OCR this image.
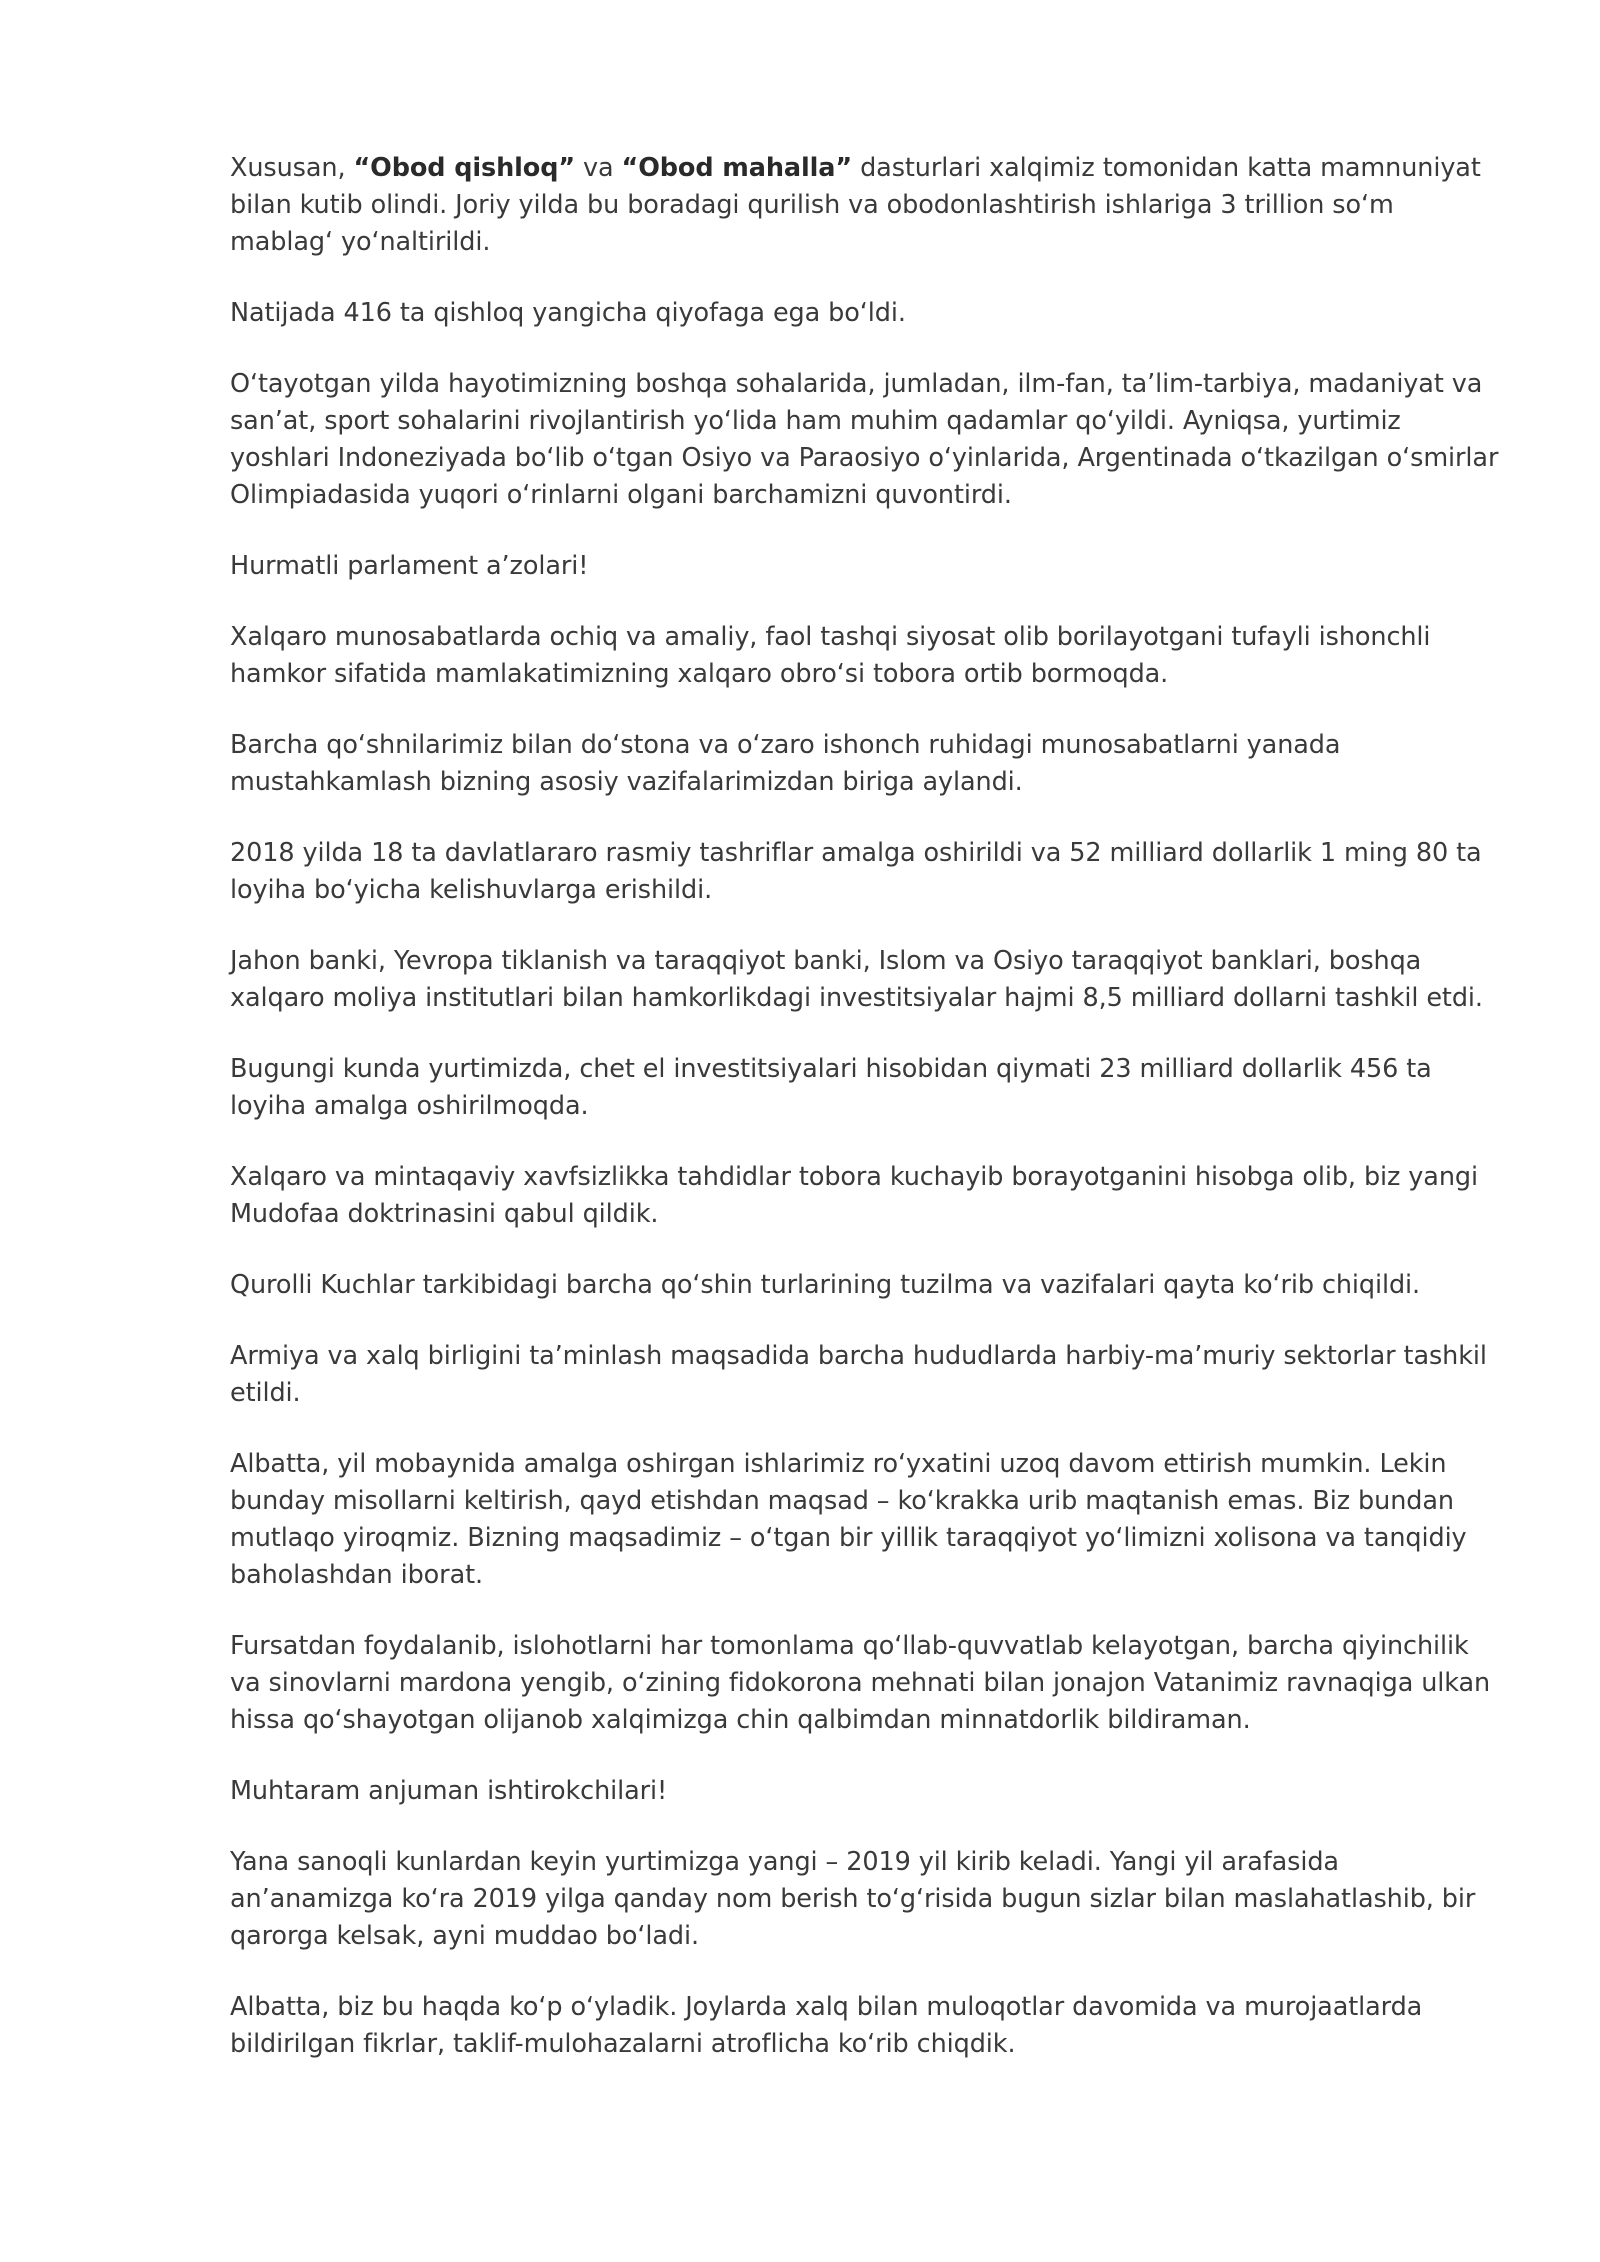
Xususan, “Obod qishloq” va “Obod mahalla” dasturlari xalqimiz tomonidan katta mamnuniyat bilan kutib olindi. Joriy yilda bu boradagi qurilish va obodonlashtirish ishlariga 3 trillion so‘m mablag‘ yo‘naltirildi.

Natijada 416 ta qishloq yangicha qiyofaga ega bo‘ldi.

O‘tayotgan yilda hayotimizning boshqa sohalarida, jumladan, ilm-fan, ta’lim-tarbiya, madaniyat va san’at, sport sohalarini rivojlantirish yo‘lida ham muhim qadamlar qo‘yildi. Ayniqsa, yurtimiz yoshlari Indoneziyada bo‘lib o‘tgan Osiyo va Paraosiyo o‘yinlarida, Argentinada o‘tkazilgan o‘smirlar Olimpiadasida yuqori o‘rinlarni olgani barchamizni quvontirdi.

Hurmatli parlament a’zolari!

Xalqaro munosabatlarda ochiq va amaliy, faol tashqi siyosat olib borilayotgani tufayli ishonchli hamkor sifatida mamlakatimizning xalqaro obro‘si tobora ortib bormoqda.

Barcha qo‘shnilarimiz bilan do‘stona va o‘zaro ishonch ruhidagi munosabatlarni yanada mustahkamlash bizning asosiy vazifalarimizdan biriga aylandi.

2018 yilda 18 ta davlatlararo rasmiy tashriflar amalga oshirildi va 52 milliard dollarlik 1 ming 80 ta loyiha bo‘yicha kelishuvlarga erishildi.

Jahon banki, Yevropa tiklanish va taraqqiyot banki, Islom va Osiyo taraqqiyot banklari, boshqa xalqaro moliya institutlari bilan hamkorlikdagi investitsiyalar hajmi 8,5 milliard dollarni tashkil etdi.

Bugungi kunda yurtimizda, chet el investitsiyalari hisobidan qiymati 23 milliard dollarlik 456 ta loyiha amalga oshirilmoqda.

Xalqaro va mintaqaviy xavfsizlikka tahdidlar tobora kuchayib borayotganini hisobga olib, biz yangi Mudofaa doktrinasini qabul qildik.

Qurolli Kuchlar tarkibidagi barcha qo‘shin turlarining tuzilma va vazifalari qayta ko‘rib chiqildi.

Armiya va xalq birligini ta’minlash maqsadida barcha hududlarda harbiy-ma’muriy sektorlar tashkil etildi.

Albatta, yil mobaynida amalga oshirgan ishlarimiz ro‘yxatini uzoq davom ettirish mumkin. Lekin bunday misollarni keltirish, qayd etishdan maqsad – ko‘krakka urib maqtanish emas. Biz bundan mutlaqo yiroqmiz. Bizning maqsadimiz – o‘tgan bir yillik taraqqiyot yo‘limizni xolisona va tanqidiy baholashdan iborat.

Fursatdan foydalanib, islohotlarni har tomonlama qo‘llab-quvvatlab kelayotgan, barcha qiyinchilik va sinovlarni mardona yengib, o‘zining fidokorona mehnati bilan jonajon Vatanimiz ravnaqiga ulkan hissa qo‘shayotgan olijanob xalqimizga chin qalbimdan minnatdorlik bildiraman.

Muhtaram anjuman ishtirokchilari!

Yana sanoqli kunlardan keyin yurtimizga yangi – 2019 yil kirib keladi. Yangi yil arafasida an’anamizga ko‘ra 2019 yilga qanday nom berish to‘g‘risida bugun sizlar bilan maslahatlashib, bir qarorga kelsak, ayni muddao bo‘ladi.

Albatta, biz bu haqda ko‘p o‘yladik. Joylarda xalq bilan muloqotlar davomida va murojaatlarda bildirilgan fikrlar, taklif-mulohazalarni atroflicha ko‘rib chiqdik.
